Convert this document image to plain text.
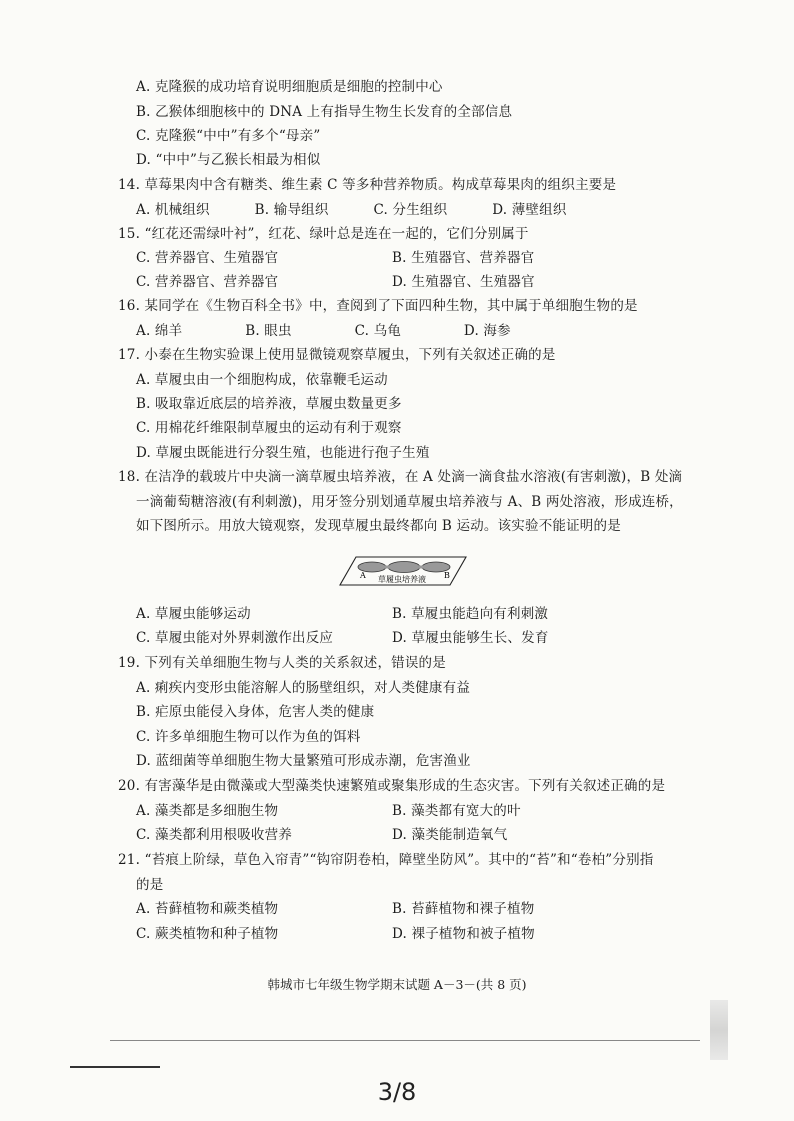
A. 克隆猴的成功培育说明细胞质是细胞的控制中心
B. 乙猴体细胞核中的 DNA 上有指导生物生长发育的全部信息
C. 克隆猴“中中”有多个“母亲”
D. “中中”与乙猴长相最为相似
14. 草莓果肉中含有糖类、维生素 C 等多种营养物质。构成草莓果肉的组织主要是
A. 机械组织          B. 输导组织          C. 分生组织          D. 薄壁组织
15. “红花还需绿叶衬”，红花、绿叶总是连在一起的，它们分别属于
C. 营养器官、生殖器官	B. 生殖器官、营养器官
C. 营养器官、营养器官	D. 生殖器官、生殖器官
16. 某同学在《生物百科全书》中，查阅到了下面四种生物，其中属于单细胞生物的是
A. 绵羊              B. 眼虫              C. 乌龟              D. 海参
17. 小泰在生物实验课上使用显微镜观察草履虫，下列有关叙述正确的是
A. 草履虫由一个细胞构成，依靠鞭毛运动
B. 吸取靠近底层的培养液，草履虫数量更多
C. 用棉花纤维限制草履虫的运动有利于观察
D. 草履虫既能进行分裂生殖，也能进行孢子生殖
18. 在洁净的载玻片中央滴一滴草履虫培养液，在 A 处滴一滴食盐水溶液(有害刺激)，B 处滴
一滴葡萄糖溶液(有利刺激)，用牙签分别划通草履虫培养液与 A、B 两处溶液，形成连桥，
如下图所示。用放大镜观察，发现草履虫最终都向 B 运动。该实验不能证明的是
A. 草履虫能够运动	B. 草履虫能趋向有利刺激
C. 草履虫能对外界刺激作出反应	D. 草履虫能够生长、发育
19. 下列有关单细胞生物与人类的关系叙述，错误的是
A. 痢疾内变形虫能溶解人的肠壁组织，对人类健康有益
B. 疟原虫能侵入身体，危害人类的健康
C. 许多单细胞生物可以作为鱼的饵料
D. 蓝细菌等单细胞生物大量繁殖可形成赤潮，危害渔业
20. 有害藻华是由微藻或大型藻类快速繁殖或聚集形成的生态灾害。下列有关叙述正确的是
A. 藻类都是多细胞生物	B. 藻类都有宽大的叶
C. 藻类都利用根吸收营养	D. 藻类能制造氧气
21. “苔痕上阶绿，草色入帘青”“钩帘阴卷柏，障壁坐防风”。其中的“苔”和“卷柏”分别指
的是
A. 苔藓植物和蕨类植物	B. 苔藓植物和裸子植物
C. 蕨类植物和种子植物	D. 裸子植物和被子植物
A	B
草履虫培养液
韩城市七年级生物学期末试题 A－3－(共 8 页)
3/8
